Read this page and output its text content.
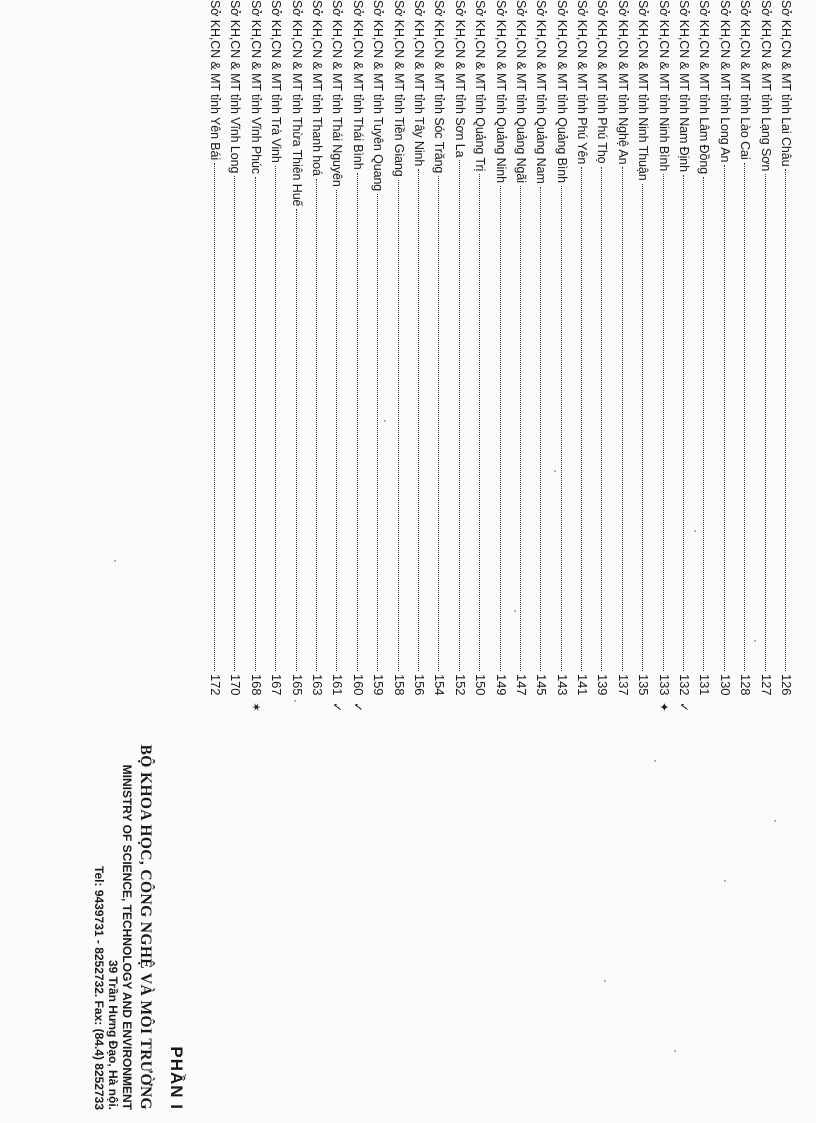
Sở KH,CN & MT tỉnh Lai Châu
126
Sở KH,CN & MT tỉnh Lạng Sơn
127
Sở KH,CN & MT tỉnh Lào Cai
128
Sở KH,CN & MT tỉnh Long An
130
Sở KH,CN & MT tỉnh Lâm Đồng
131
Sở KH,CN & MT tỉnh Nam Định
132
✓
Sở KH,CN & MT tỉnh Ninh Bình
133
✦
Sở KH,CN & MT tỉnh Ninh Thuận
135
Sở KH,CN & MT tỉnh Nghệ An
137
Sở KH,CN & MT tỉnh Phú Thọ
139
Sở KH,CN & MT tỉnh Phú Yên
141
Sở KH,CN & MT tỉnh Quảng Bình
143
Sở KH,CN & MT tỉnh Quảng Nam
145
Sở KH,CN & MT tỉnh Quảng Ngãi
147
Sở KH,CN & MT tỉnh Quảng Ninh
149
Sở KH,CN & MT tỉnh Quảng Trị
150
Sở KH,CN & MT tỉnh Sơn La
152
Sở KH,CN & MT tỉnh Sóc Trăng
154
Sở KH,CN & MT tỉnh Tây Ninh
156
Sở KH,CN & MT tỉnh Tiền Giang
158
Sở KH,CN & MT tỉnh Tuyên Quang
159
Sở KH,CN & MT tỉnh Thái Bình
160
✓
Sở KH,CN & MT tỉnh Thái Nguyên
161
✓
Sở KH,CN & MT tỉnh Thanh hoá
163
Sở KH,CN & MT tỉnh Thừa Thiên Huế
165
Sở KH,CN & MT tỉnh Trà Vinh
167
Sở KH,CN & MT tỉnh Vĩnh Phúc
168
✶
Sở KH,CN & MT tỉnh Vĩnh Long
170
Sở KH,CN & MT tỉnh Yên Bái
172
PHẦN I
BỘ KHOA HỌC, CÔNG NGHỆ VÀ MÔI TRƯỜNG
MINISTRY OF SCIENCE, TECHNOLOGY AND ENVIRONMENT
39 Trần Hưng Đạo, Hà nội.
Tel: 9439731 - 8252732. Fax: (84.4) 8252733
